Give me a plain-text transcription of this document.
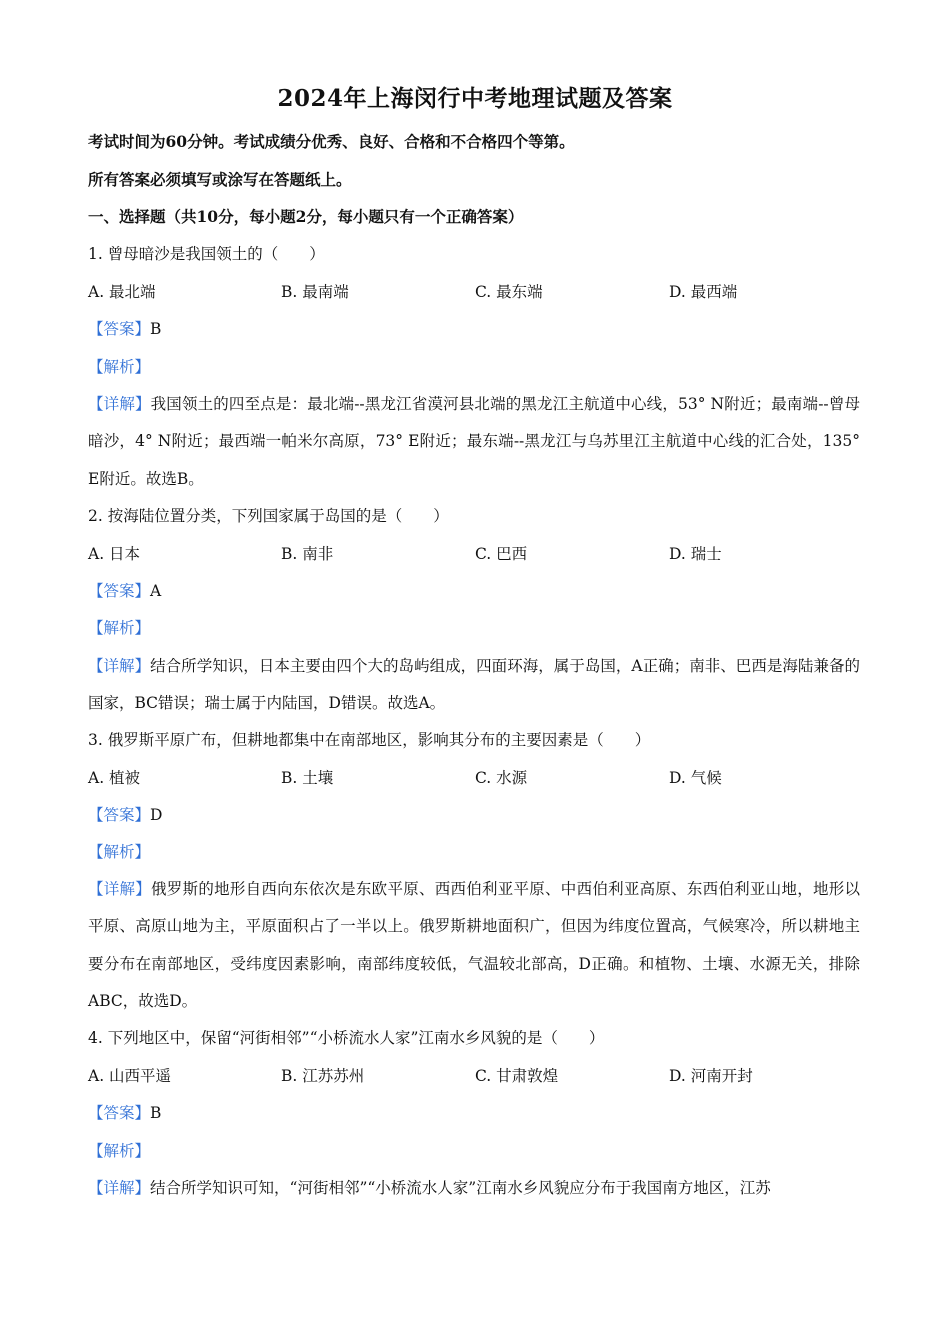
2024年上海闵行中考地理试题及答案
考试时间为60分钟。考试成绩分优秀、良好、合格和不合格四个等第。
所有答案必须填写或涂写在答题纸上。
一、选择题（共10分，每小题2分，每小题只有一个正确答案）
1. 曾母暗沙是我国领土的（　　）
A. 最北端	B. 最南端	C. 最东端	D. 最西端
【答案】B
【解析】
【详解】我国领土的四至点是：最北端--黑龙江省漠河县北端的黑龙江主航道中心线，53° N附近；最南端--曾母暗沙，4° N附近；最西端一帕米尔高原，73° E附近；最东端--黑龙江与乌苏里江主航道中心线的汇合处，135° E附近。故选B。
2. 按海陆位置分类，下列国家属于岛国的是（　　）
A. 日本	B. 南非	C. 巴西	D. 瑞士
【答案】A
【解析】
【详解】结合所学知识，日本主要由四个大的岛屿组成，四面环海，属于岛国，A正确；南非、巴西是海陆兼备的国家，BC错误；瑞士属于内陆国，D错误。故选A。
3. 俄罗斯平原广布，但耕地都集中在南部地区，影响其分布的主要因素是（　　）
A. 植被	B. 土壤	C. 水源	D. 气候
【答案】D
【解析】
【详解】俄罗斯的地形自西向东依次是东欧平原、西西伯利亚平原、中西伯利亚高原、东西伯利亚山地，地形以平原、高原山地为主，平原面积占了一半以上。俄罗斯耕地面积广，但因为纬度位置高，气候寒冷，所以耕地主要分布在南部地区，受纬度因素影响，南部纬度较低，气温较北部高，D正确。和植物、土壤、水源无关，排除ABC，故选D。
4. 下列地区中，保留“河街相邻”“小桥流水人家”江南水乡风貌的是（　　）
A. 山西平遥	B. 江苏苏州	C. 甘肃敦煌	D. 河南开封
【答案】B
【解析】
【详解】结合所学知识可知，“河街相邻”“小桥流水人家”江南水乡风貌应分布于我国南方地区，江苏
